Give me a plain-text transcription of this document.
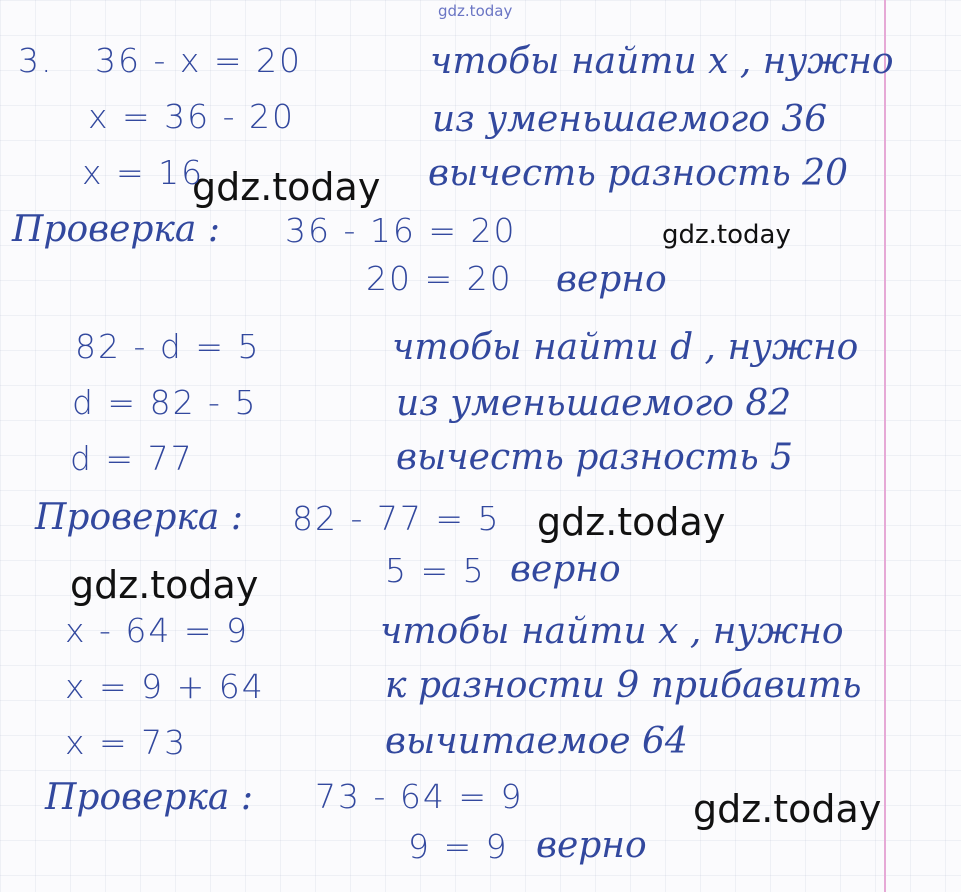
gdz.today
gdz.today
gdz.today
gdz.today
gdz.today
gdz.today
3. 36 - x = 20
x = 36 - 20
x = 16
чтобы найти x , нужно
из уменьшаемого 36
вычесть разность 20
Проверка : 36 - 16 = 20
20 = 20 верно
82 - d = 5
d = 82 - 5
d = 77
чтобы найти d , нужно
из уменьшаемого 82
вычесть разность 5
Проверка : 82 - 77 = 5
5 = 5 верно
x - 64 = 9
x = 9 + 64
x = 73
чтобы найти x , нужно
к разности 9 прибавить
вычитаемое 64
Проверка : 73 - 64 = 9
9 = 9 верно
